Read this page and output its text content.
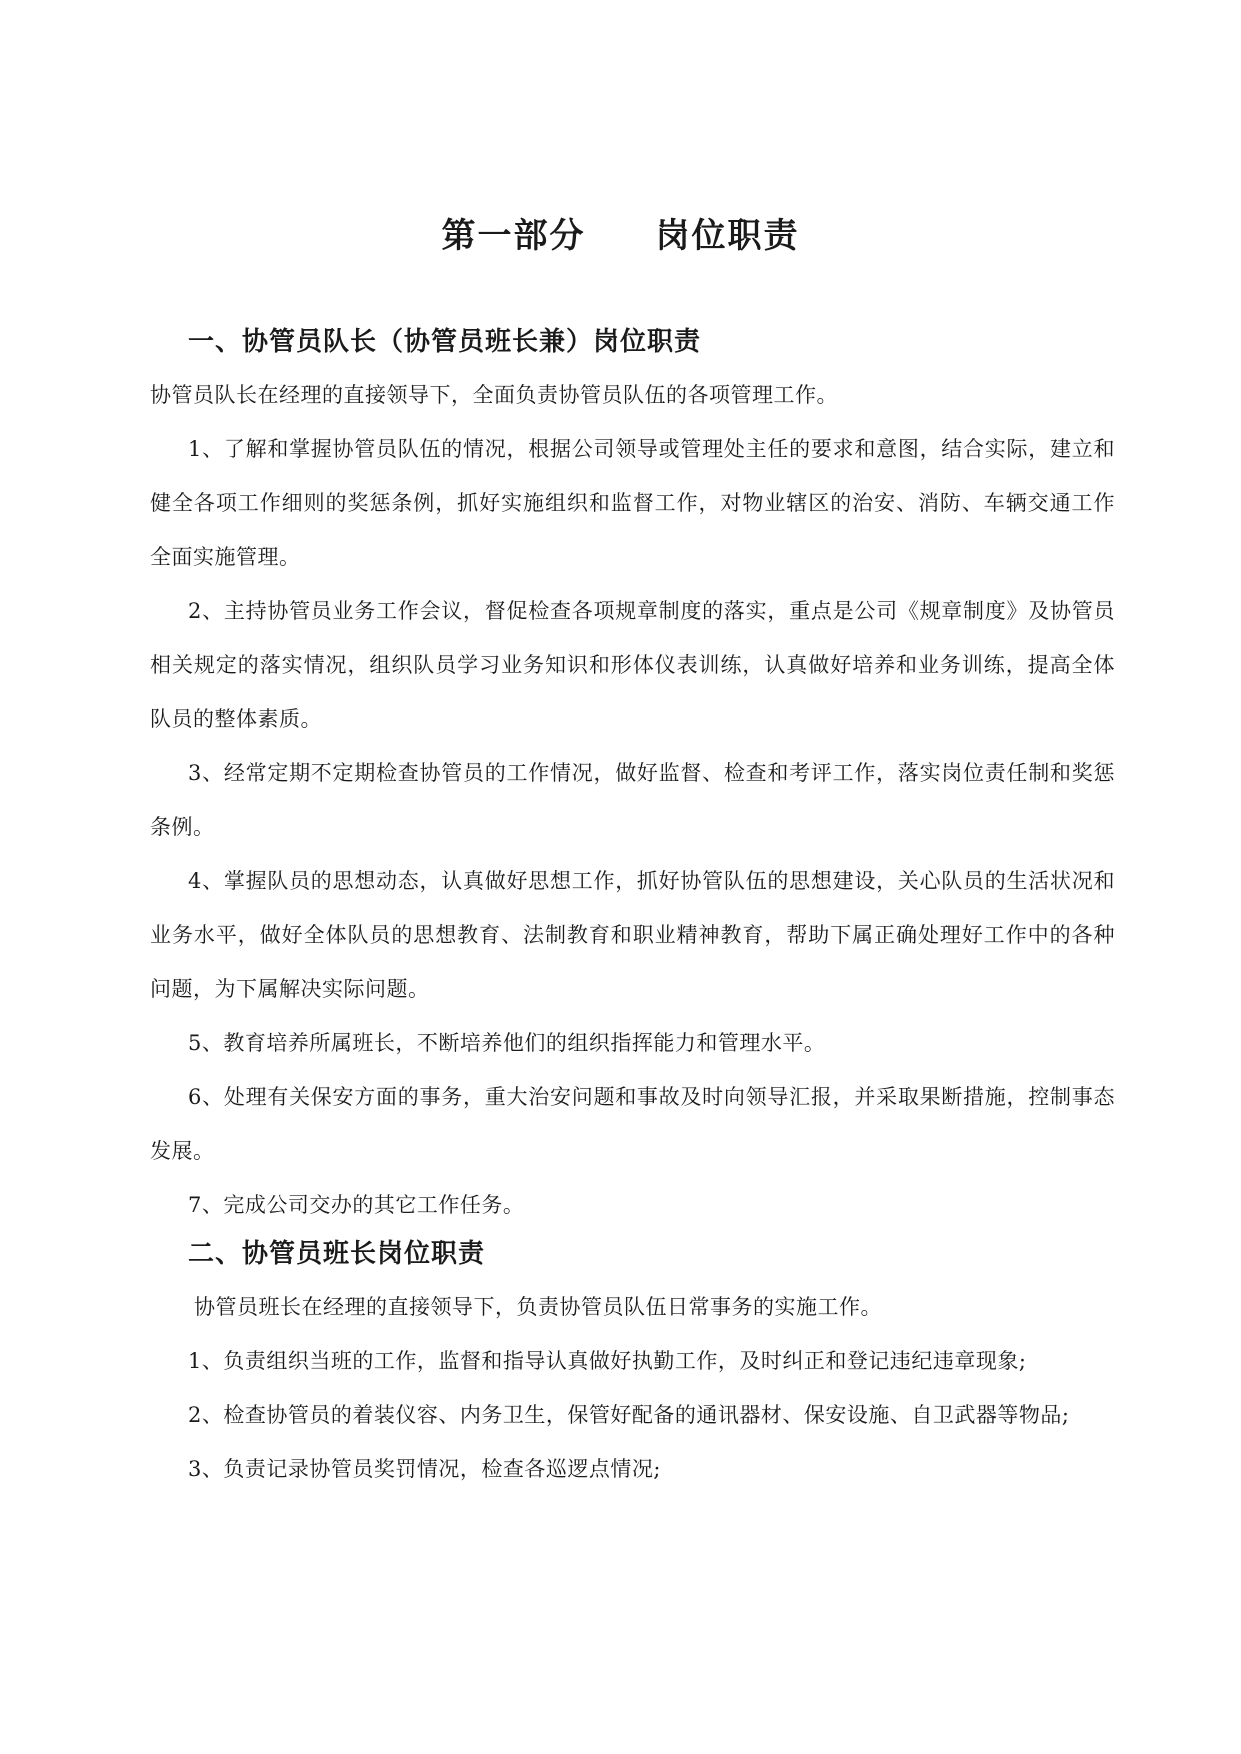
第一部分 岗位职责
一、协管员队长（协管员班长兼）岗位职责

协管员队长在经理的直接领导下，全面负责协管员队伍的各项管理工作。

1、了解和掌握协管员队伍的情况，根据公司领导或管理处主任的要求和意图，结合实际，建立和健全各项工作细则的奖惩条例，抓好实施组织和监督工作，对物业辖区的治安、消防、车辆交通工作全面实施管理。

2、主持协管员业务工作会议，督促检查各项规章制度的落实，重点是公司《规章制度》及协管员相关规定的落实情况，组织队员学习业务知识和形体仪表训练，认真做好培养和业务训练，提高全体队员的整体素质。

3、经常定期不定期检查协管员的工作情况，做好监督、检查和考评工作，落实岗位责任制和奖惩条例。

4、掌握队员的思想动态，认真做好思想工作，抓好协管队伍的思想建设，关心队员的生活状况和业务水平，做好全体队员的思想教育、法制教育和职业精神教育，帮助下属正确处理好工作中的各种问题，为下属解决实际问题。

5、教育培养所属班长，不断培养他们的组织指挥能力和管理水平。

6、处理有关保安方面的事务，重大治安问题和事故及时向领导汇报，并采取果断措施，控制事态发展。

7、完成公司交办的其它工作任务。

二、协管员班长岗位职责

协管员班长在经理的直接领导下，负责协管员队伍日常事务的实施工作。

1、负责组织当班的工作，监督和指导认真做好执勤工作，及时纠正和登记违纪违章现象;

2、检查协管员的着装仪容、内务卫生，保管好配备的通讯器材、保安设施、自卫武器等物品;

3、负责记录协管员奖罚情况，检查各巡逻点情况;
